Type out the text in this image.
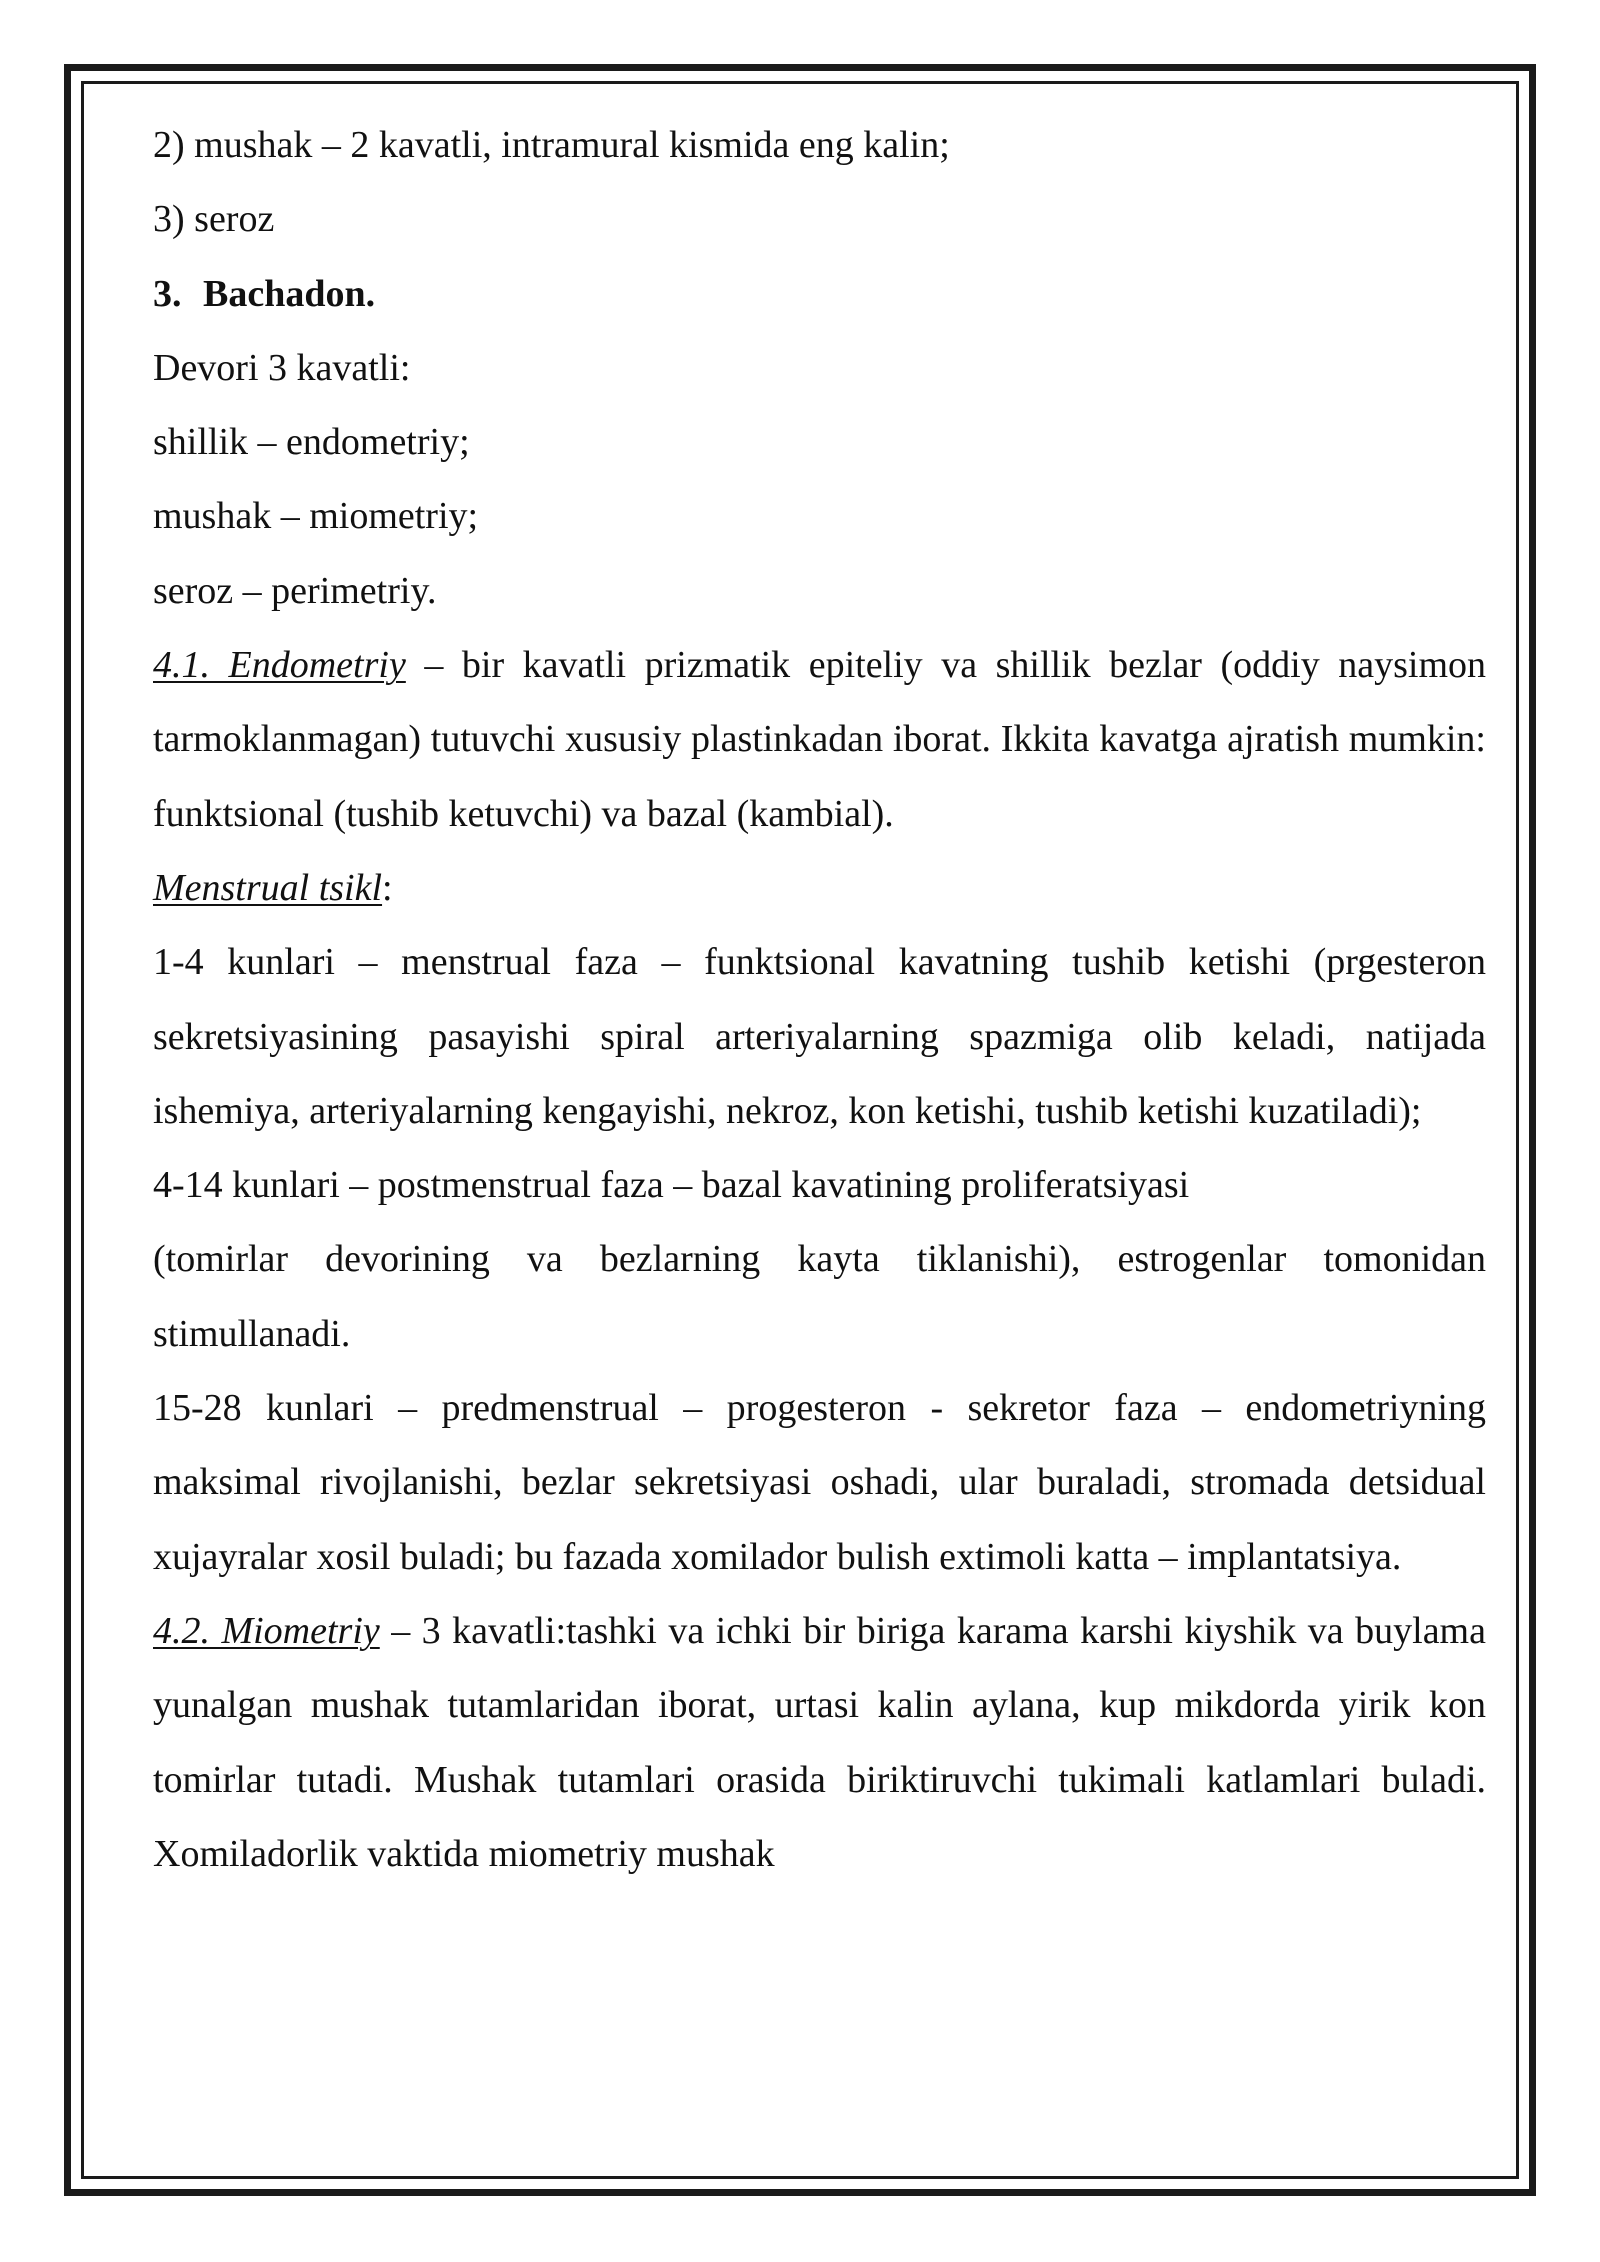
2) mushak – 2 kavatli, intramural kismida eng kalin;

3) seroz

3. Bachadon.

Devori 3 kavatli:

shillik – endometriy;

mushak – miometriy;

seroz – perimetriy.

4.1. Endometriy – bir kavatli prizmatik epiteliy va shillik bezlar (oddiy naysimon tarmoklanmagan) tutuvchi xususiy plastinkadan iborat. Ikkita kavatga ajratish mumkin: funktsional (tushib ketuvchi) va bazal (kambial).

Menstrual tsikl:

1-4 kunlari – menstrual faza – funktsional kavatning tushib ketishi (prgesteron sekretsiyasining pasayishi spiral arteriyalarning spazmiga olib keladi, natijada ishemiya, arteriyalarning kengayishi, nekroz, kon ketishi, tushib ketishi kuzatiladi);

4-14 kunlari – postmenstrual faza – bazal kavatining proliferatsiyasi

(tomirlar devorining va bezlarning kayta tiklanishi), estrogenlar tomonidan stimullanadi.

15-28 kunlari – predmenstrual – progesteron - sekretor faza – endometriyning maksimal rivojlanishi, bezlar sekretsiyasi oshadi, ular buraladi, stromada detsidual xujayralar xosil buladi; bu fazada xomilador bulish extimoli katta – implantatsiya.

4.2. Miometriy – 3 kavatli:tashki va ichki bir biriga karama karshi kiyshik va buylama yunalgan mushak tutamlaridan iborat, urtasi kalin aylana, kup mikdorda yirik kon tomirlar tutadi. Mushak tutamlari orasida biriktiruvchi tukimali katlamlari buladi. Xomiladorlik vaktida miometriy mushak
